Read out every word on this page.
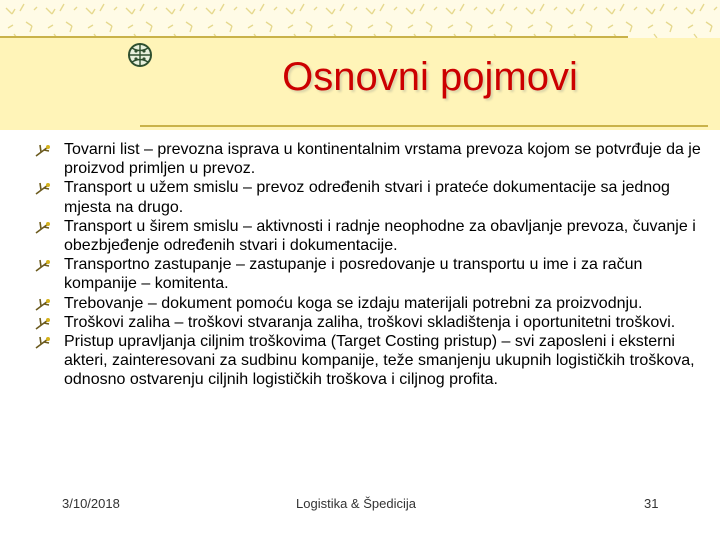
Osnovni pojmovi
Tovarni list – prevozna isprava u kontinentalnim vrstama prevoza kojom se potvrđuje da je proizvod primljen u prevoz.
Transport u užem smislu – prevoz određenih stvari i prateće dokumentacije sa jednog mjesta na drugo.
Transport u širem smislu – aktivnosti i radnje neophodne za obavljanje prevoza, čuvanje i obezbjeđenje određenih stvari i dokumentacije.
Transportno zastupanje – zastupanje i posredovanje u transportu u ime i za račun kompanije – komitenta.
Trebovanje – dokument pomoću koga se izdaju materijali potrebni za proizvodnju.
Troškovi zaliha – troškovi stvaranja zaliha, troškovi skladištenja i oportunitetni troškovi.
Pristup upravljanja ciljnim troškovima (Target Costing pristup) – svi zaposleni i eksterni akteri, zainteresovani za sudbinu kompanije, teže smanjenju ukupnih logističkih troškova, odnosno ostvarenju ciljnih logističkih troškova i ciljnog profita.
3/10/2018	Logistika & Špedicija	31
